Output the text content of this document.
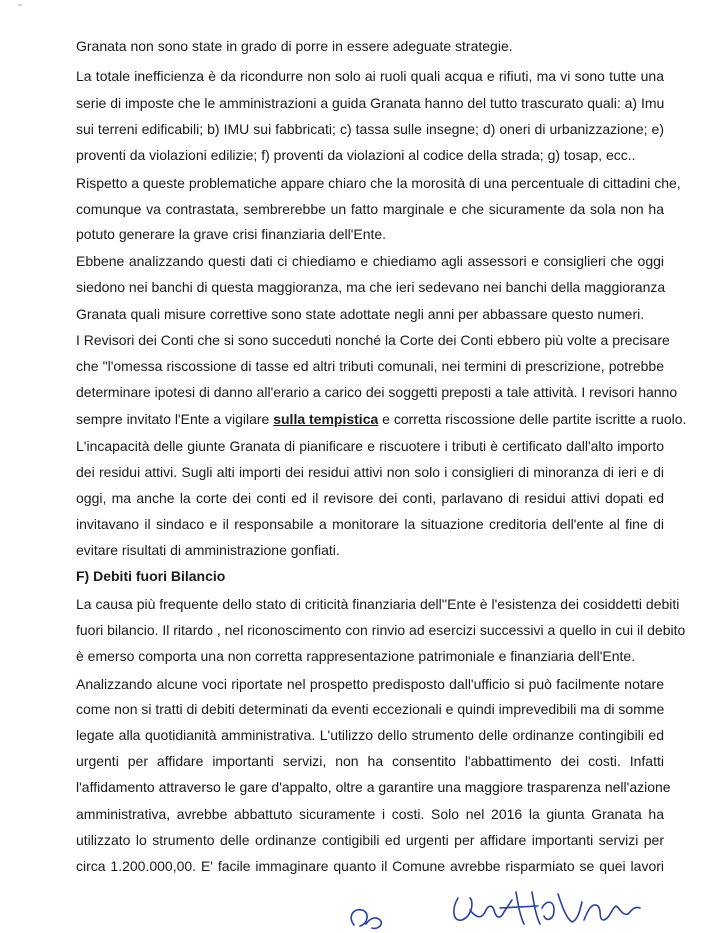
Granata non sono state in grado di porre in essere adeguate strategie.
La totale inefficienza è da ricondurre non solo ai ruoli quali acqua e rifiuti, ma vi sono tutte una
serie di imposte che le amministrazioni a guida Granata hanno del tutto trascurato quali: a) Imu
sui terreni edificabili; b) IMU sui fabbricati; c) tassa sulle insegne; d) oneri di urbanizzazione; e)
proventi da violazioni edilizie; f) proventi da violazioni al codice della strada; g) tosap, ecc..
Rispetto a queste problematiche appare chiaro che la morosità di una percentuale di cittadini che,
comunque va contrastata, sembrerebbe un fatto marginale e che sicuramente da sola non ha
potuto generare la grave crisi finanziaria dell'Ente.
Ebbene analizzando questi dati ci chiediamo e chiediamo agli assessori e consiglieri che oggi
siedono nei banchi di questa maggioranza, ma che ieri sedevano nei banchi della maggioranza
Granata quali misure correttive sono state adottate negli anni per abbassare questo numeri.
I Revisori dei Conti che si sono succeduti nonché la Corte dei Conti ebbero più volte a precisare
che "l'omessa riscossione di tasse ed altri tributi comunali, nei termini di prescrizione, potrebbe
determinare ipotesi di danno all'erario a carico dei soggetti preposti a tale attività. I revisori hanno
sempre invitato l'Ente a vigilare sulla tempistica e corretta riscossione delle partite iscritte a ruolo.
L'incapacità delle giunte Granata di pianificare e riscuotere i tributi è certificato dall'alto importo
dei residui attivi. Sugli alti importi dei residui attivi non solo i consiglieri di minoranza di ieri e di
oggi, ma anche la corte dei conti ed il revisore dei conti, parlavano di residui attivi dopati ed
invitavano il sindaco e il responsabile a monitorare la situazione creditoria dell'ente al fine di
evitare risultati di amministrazione gonfiati.
F) Debiti fuori Bilancio
La causa più frequente dello stato di criticità finanziaria dell''Ente è l'esistenza dei cosiddetti debiti
fuori bilancio. Il ritardo , nel riconoscimento con rinvio ad esercizi successivi a quello in cui il debito
è emerso comporta una non corretta rappresentazione patrimoniale e finanziaria dell'Ente.
Analizzando alcune voci riportate nel prospetto predisposto dall'ufficio si può facilmente notare
come non si tratti di debiti determinati da eventi eccezionali e quindi imprevedibili ma di somme
legate alla quotidianità amministrativa. L'utilizzo dello strumento delle ordinanze contingibili ed
urgenti per affidare importanti servizi, non ha consentito l'abbattimento dei costi. Infatti
l'affidamento attraverso le gare d'appalto, oltre a garantire una maggiore trasparenza nell'azione
amministrativa, avrebbe abbattuto sicuramente i costi. Solo nel 2016 la giunta Granata ha
utilizzato lo strumento delle ordinanze contigibili ed urgenti per affidare importanti servizi per
circa 1.200.000,00. E' facile immaginare quanto il Comune avrebbe risparmiato se quei lavori
